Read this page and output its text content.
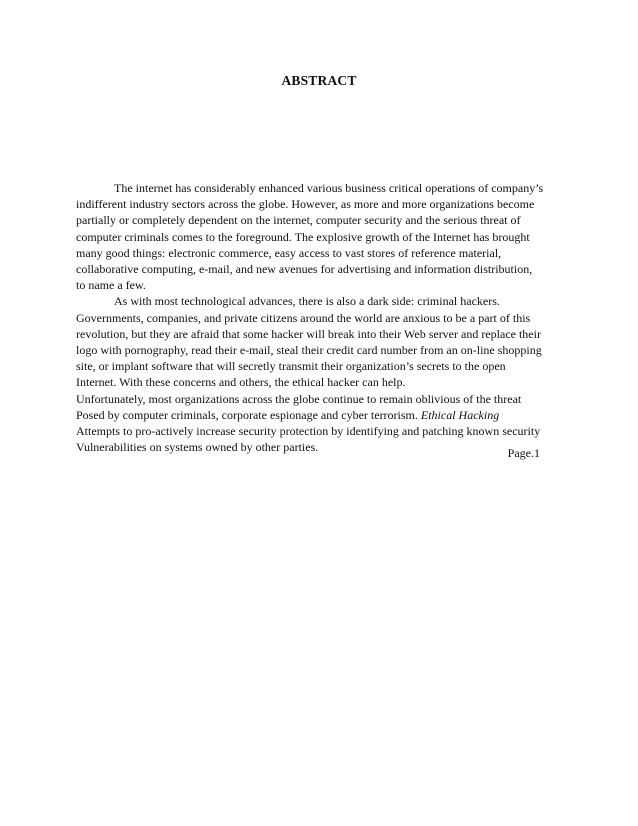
ABSTRACT
The internet has considerably enhanced various business critical operations of company’s
indifferent industry sectors across the globe. However, as more and more organizations become
partially or completely dependent on the internet, computer security and the serious threat of
computer criminals comes to the foreground. The explosive growth of the Internet has brought
many good things: electronic commerce, easy access to vast stores of reference material,
collaborative computing, e-mail, and new avenues for advertising and information distribution,
to name a few.
As with most technological advances, there is also a dark side: criminal hackers.
Governments, companies, and private citizens around the world are anxious to be a part of this
revolution, but they are afraid that some hacker will break into their Web server and replace their
logo with pornography, read their e-mail, steal their credit card number from an on-line shopping
site, or implant software that will secretly transmit their organization’s secrets to the open
Internet. With these concerns and others, the ethical hacker can help.
Unfortunately, most organizations across the globe continue to remain oblivious of the threat
Posed by computer criminals, corporate espionage and cyber terrorism. Ethical Hacking
Attempts to pro-actively increase security protection by identifying and patching known security
Vulnerabilities on systems owned by other parties.	Page.1
